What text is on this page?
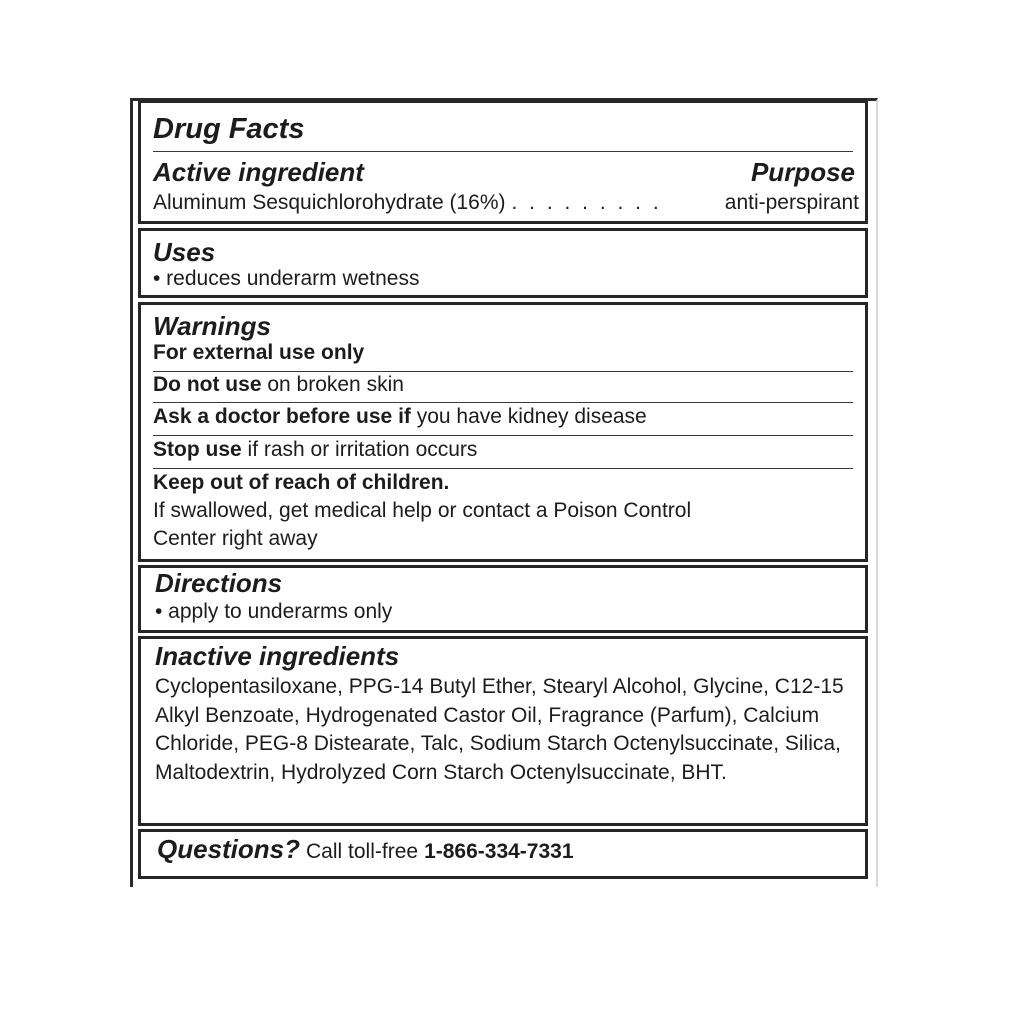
Drug Facts
Active ingredient	Purpose
Aluminum Sesquichlorohydrate (16%) . . . . . . . . .	anti-perspirant
Uses
• reduces underarm wetness
Warnings
For external use only
Do not use on broken skin
Ask a doctor before use if you have kidney disease
Stop use if rash or irritation occurs
Keep out of reach of children.
If swallowed, get medical help or contact a Poison Control
Center right away
Directions
• apply to underarms only
Inactive ingredients
Cyclopentasiloxane, PPG-14 Butyl Ether, Stearyl Alcohol, Glycine, C12-15 Alkyl Benzoate, Hydrogenated Castor Oil, Fragrance (Parfum), Calcium Chloride, PEG-8 Distearate, Talc, Sodium Starch Octenylsuccinate, Silica, Maltodextrin, Hydrolyzed Corn Starch Octenylsuccinate, BHT.
Questions? Call toll-free 1-866-334-7331
